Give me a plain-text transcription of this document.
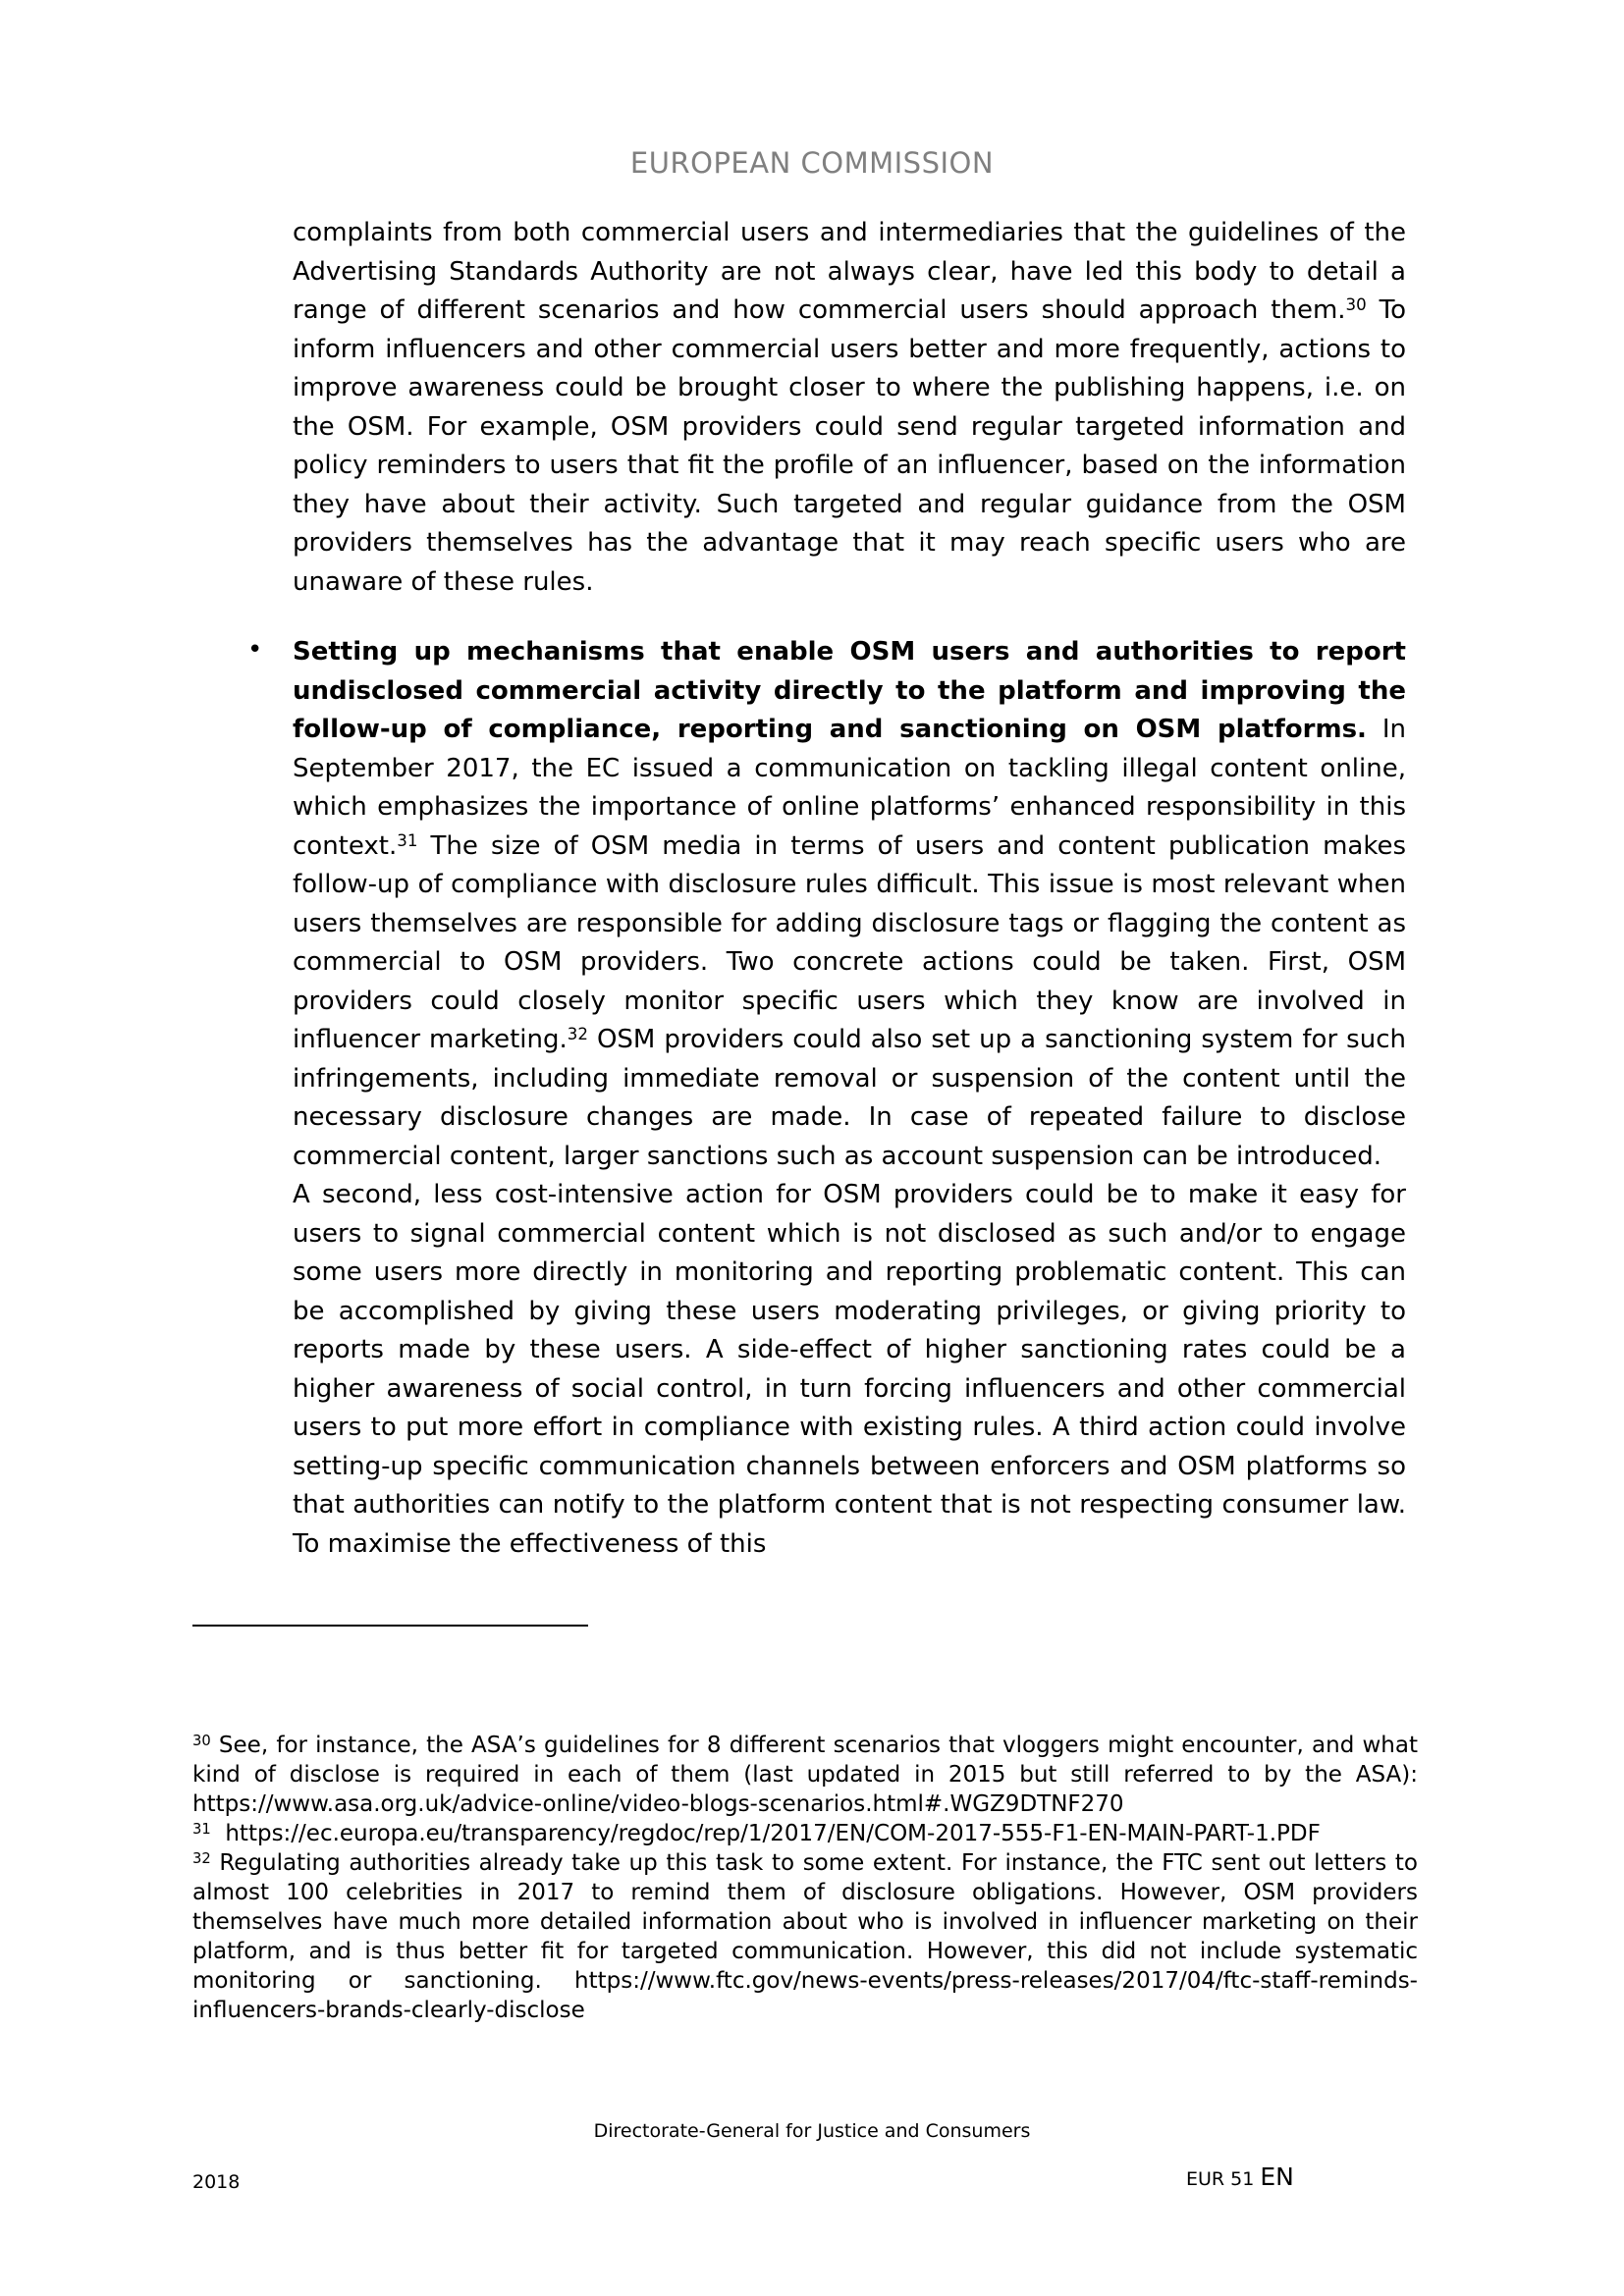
EUROPEAN COMMISSION

complaints from both commercial users and intermediaries that the guidelines of the Advertising Standards Authority are not always clear, have led this body to detail a range of different scenarios and how commercial users should approach them.$^{30}$ To inform influencers and other commercial users better and more frequently, actions to improve awareness could be brought closer to where the publishing happens, i.e. on the OSM. For example, OSM providers could send regular targeted information and policy reminders to users that fit the profile of an influencer, based on the information they have about their activity. Such targeted and regular guidance from the OSM providers themselves has the advantage that it may reach specific users who are unaware of these rules.

• Setting up mechanisms that enable OSM users and authorities to report undisclosed commercial activity directly to the platform and improving the follow-up of compliance, reporting and sanctioning on OSM platforms. In September 2017, the EC issued a communication on tackling illegal content online, which emphasizes the importance of online platforms’ enhanced responsibility in this context.$^{31}$ The size of OSM media in terms of users and content publication makes follow-up of compliance with disclosure rules difficult. This issue is most relevant when users themselves are responsible for adding disclosure tags or flagging the content as commercial to OSM providers. Two concrete actions could be taken. First, OSM providers could closely monitor specific users which they know are involved in influencer marketing.$^{32}$ OSM providers could also set up a sanctioning system for such infringements, including immediate removal or suspension of the content until the necessary disclosure changes are made. In case of repeated failure to disclose commercial content, larger sanctions such as account suspension can be introduced.

A second, less cost-intensive action for OSM providers could be to make it easy for users to signal commercial content which is not disclosed as such and/or to engage some users more directly in monitoring and reporting problematic content. This can be accomplished by giving these users moderating privileges, or giving priority to reports made by these users. A side-effect of higher sanctioning rates could be a higher awareness of social control, in turn forcing influencers and other commercial users to put more effort in compliance with existing rules. A third action could involve setting-up specific communication channels between enforcers and OSM platforms so that authorities can notify to the platform content that is not respecting consumer law. To maximise the effectiveness of this

$^{30}$ See, for instance, the ASA’s guidelines for 8 different scenarios that vloggers might encounter, and what kind of disclose is required in each of them (last updated in 2015 but still referred to by the ASA): https://www.asa.org.uk/advice-online/video-blogs-scenarios.html#.WGZ9DTNF270

$^{31}$  https://ec.europa.eu/transparency/regdoc/rep/1/2017/EN/COM-2017-555-F1-EN-MAIN-PART-1.PDF

$^{32}$ Regulating authorities already take up this task to some extent. For instance, the FTC sent out letters to almost 100 celebrities in 2017 to remind them of disclosure obligations. However, OSM providers themselves have much more detailed information about who is involved in influencer marketing on their platform, and is thus better fit for targeted communication. However, this did not include systematic monitoring or sanctioning. https://www.ftc.gov/news-events/press-releases/2017/04/ftc-staff-reminds-influencers-brands-clearly-disclose

Directorate-General for Justice and Consumers
2018	EUR 51 EN
